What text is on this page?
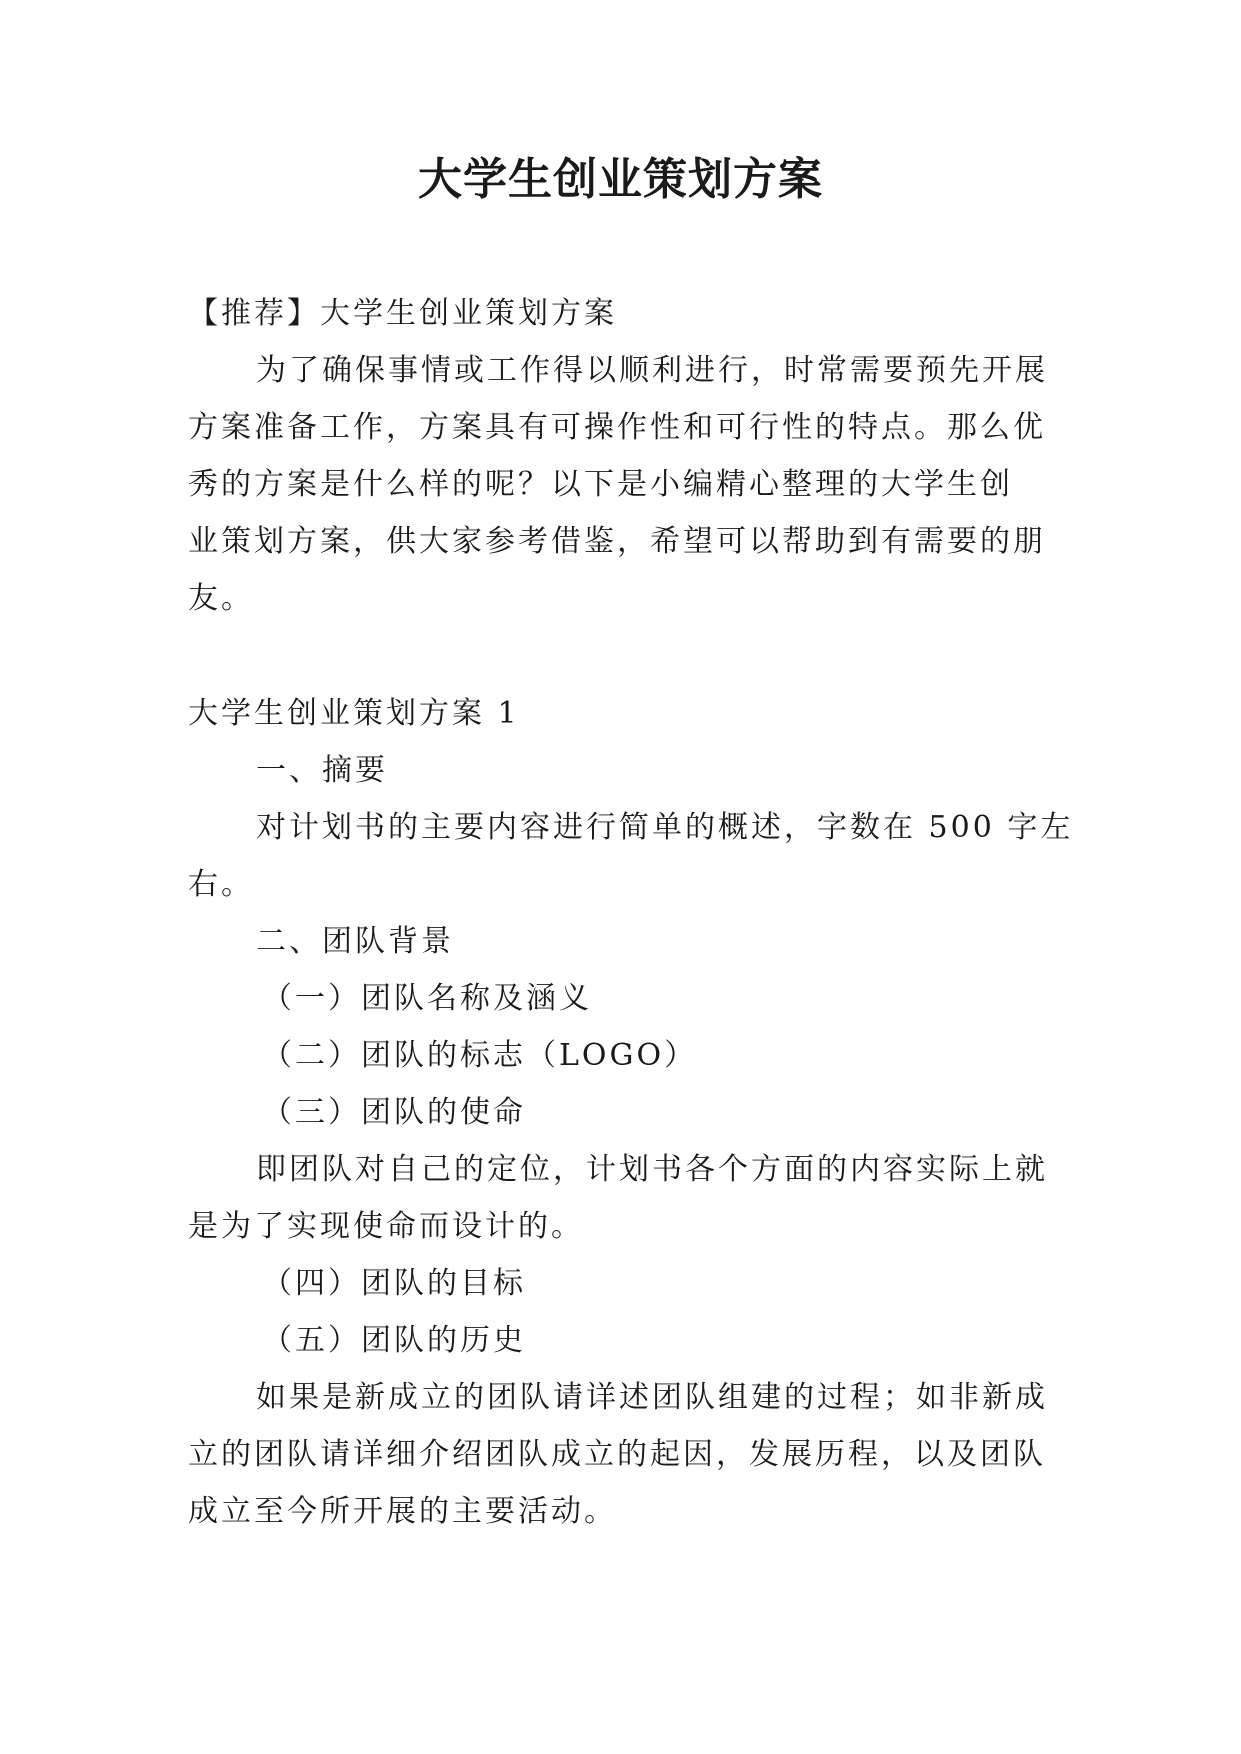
大学生创业策划方案
【推荐】大学生创业策划方案
为了确保事情或工作得以顺利进行，时常需要预先开展
方案准备工作，方案具有可操作性和可行性的特点。那么优
秀的方案是什么样的呢？以下是小编精心整理的大学生创
业策划方案，供大家参考借鉴，希望可以帮助到有需要的朋
友。
大学生创业策划方案 1
一、摘要
对计划书的主要内容进行简单的概述，字数在 500 字左
右。
二、团队背景
（一）团队名称及涵义
（二）团队的标志（LOGO）
（三）团队的使命
即团队对自己的定位，计划书各个方面的内容实际上就
是为了实现使命而设计的。
（四）团队的目标
（五）团队的历史
如果是新成立的团队请详述团队组建的过程；如非新成
立的团队请详细介绍团队成立的起因，发展历程，以及团队
成立至今所开展的主要活动。
